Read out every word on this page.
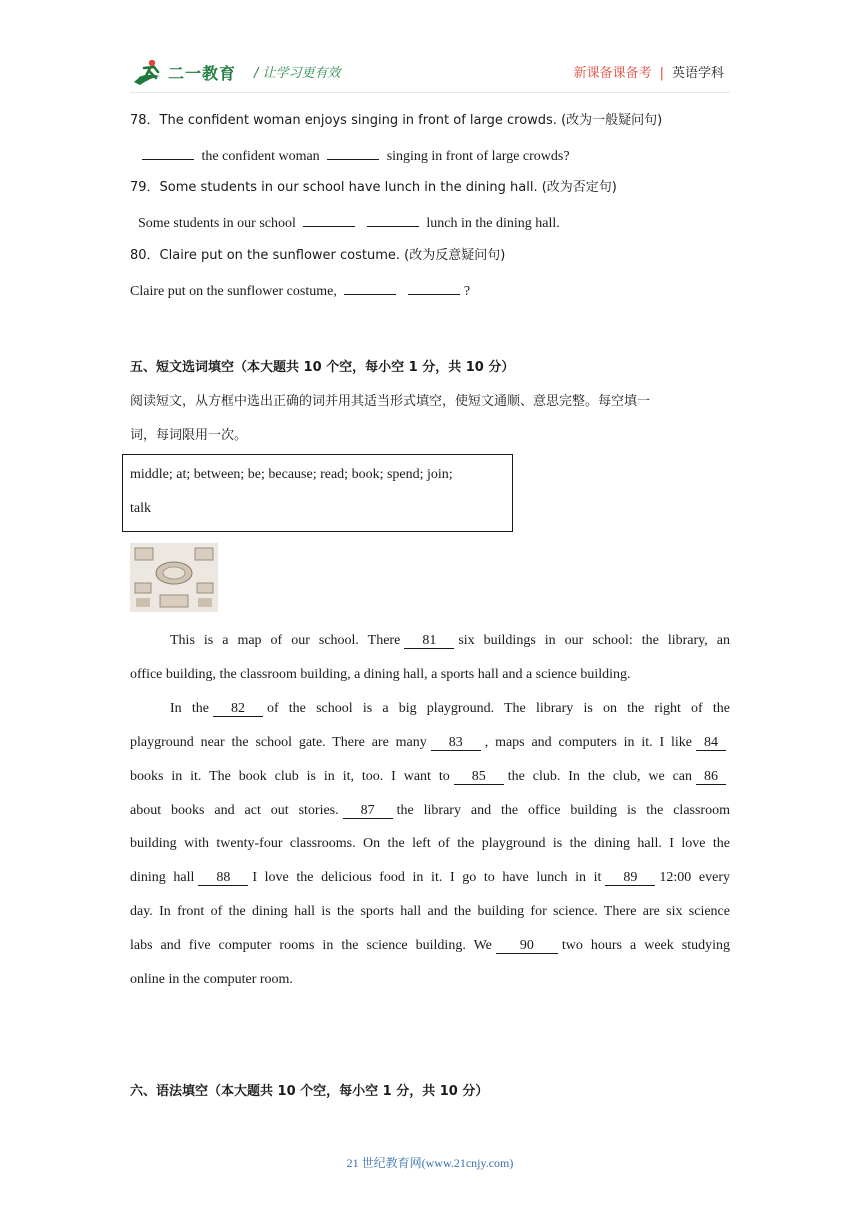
二一教育 / 让学习更有效	新课备课备考 | 英语学科
78．The confident woman enjoys singing in front of large crowds. (改为一般疑问句)
the confident woman	singing in front of large crowds?
79．Some students in our school have lunch in the dining hall. (改为否定句)
Some students in our school	lunch in the dining hall.
80．Claire put on the sunflower costume. (改为反意疑问句)
Claire put on the sunflower costume,	?
五、短文选词填空（本大题共 10 个空，每小空 1 分，共 10 分）
阅读短文，从方框中选出正确的词并用其适当形式填空，使短文通顺、意思完整。每空填一
词，每词限用一次。
middle; at; between; be; because; read; book; spend; join;
talk
This is a map of our school. There 81 six buildings in our school: the library, an
office building, the classroom building, a dining hall, a sports hall and a science building.
In the 82 of the school is a big playground. The library is on the right of the
playground near the school gate. There are many 83 , maps and computers in it. I like 84
books in it. The book club is in it, too. I want to 85 the club. In the club, we can 86
about books and act out stories. 87 the library and the office building is the classroom
building with twenty-four classrooms. On the left of the playground is the dining hall. I love the
dining hall 88 I love the delicious food in it. I go to have lunch in it 89 12:00 every
day. In front of the dining hall is the sports hall and the building for science. There are six science
labs and five computer rooms in the science building. We 90 two hours a week studying
online in the computer room.
六、语法填空（本大题共 10 个空，每小空 1 分，共 10 分）
21 世纪教育网(www.21cnjy.com)
